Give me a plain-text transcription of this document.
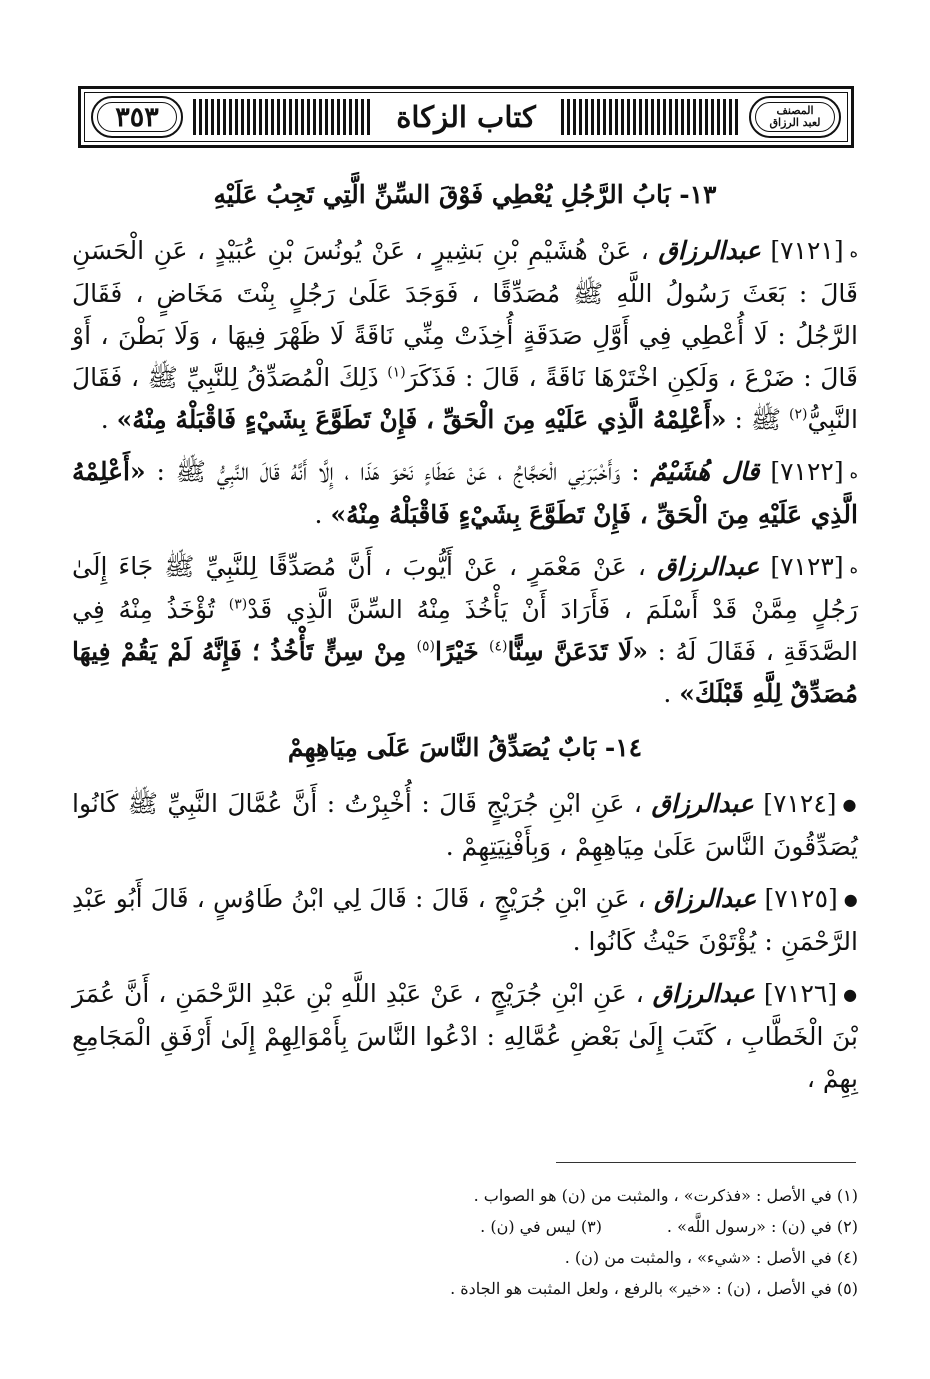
٣٥٣	كتاب الزكاة	المصنف
لعبد الرزاق
١٣- بَابُ الرَّجُلِ يُعْطِي فَوْقَ السِّنِّ الَّتِي تَجِبُ عَلَيْهِ

ه[٧١٢١] عبدالرزاق ، عَنْ هُشَيْمِ بْنِ بَشِيرٍ ، عَنْ يُونُسَ بْنِ عُبَيْدٍ ، عَنِ الْحَسَنِ قَالَ : بَعَثَ رَسُولُ اللَّهِ ﷺ مُصَدِّقًا ، فَوَجَدَ عَلَىٰ رَجُلٍ بِنْتَ مَخَاضٍ ، فَقَالَ الرَّجُلُ : لَا أُعْطِي فِي أَوَّلِ صَدَقَةٍ أُخِذَتْ مِنِّي نَاقَةً لَا ظَهْرَ فِيهَا ، وَلَا بَطْنَ ، أَوْ قَالَ : ضَرْعَ ، وَلَكِنِ اخْتَرْهَا نَاقَةً ، قَالَ : فَذَكَرَ$^{(١)}$ ذَلِكَ الْمُصَدِّقُ لِلنَّبِيِّ ﷺ ، فَقَالَ النَّبِيُّ$^{(٢)}$ ﷺ : «أَعْلِمْهُ الَّذِي عَلَيْهِ مِنَ الْحَقِّ ، فَإِنْ تَطَوَّعَ بِشَيْءٍ فَاقْبَلْهُ مِنْهُ» .

ه[٧١٢٢] قال هُشَيْمٌ : وَأَخْبَرَنِي الْحَجَّاجُ ، عَنْ عَطَاءٍ نَحْوَ هَذَا ، إِلَّا أَنَّهُ قَالَ النَّبِيُّ ﷺ : «أَعْلِمْهُ الَّذِي عَلَيْهِ مِنَ الْحَقِّ ، فَإِنْ تَطَوَّعَ بِشَيْءٍ فَاقْبَلْهُ مِنْهُ» .

ه[٧١٢٣] عبدالرزاق ، عَنْ مَعْمَرٍ ، عَنْ أَيُّوبَ ، أَنَّ مُصَدِّقًا لِلنَّبِيِّ ﷺ جَاءَ إِلَىٰ رَجُلٍ مِمَّنْ قَدْ أَسْلَمَ ، فَأَرَادَ أَنْ يَأْخُذَ مِنْهُ السِّنَّ الَّذِي قَدْ$^{(٣)}$ تُؤْخَذُ مِنْهُ فِي الصَّدَقَةِ ، فَقَالَ لَهُ : «لَا تَدَعَنَّ سِنًّا$^{(٤)}$ خَيْرًا$^{(٥)}$ مِنْ سِنٍّ تَأْخُذُ ؛ فَإِنَّهُ لَمْ يَقُمْ فِيهَا مُصَدِّقٌ لِلَّهِ قَبْلَكَ» .

١٤- بَابٌ يُصَدِّقُ النَّاسَ عَلَى مِيَاهِهِمْ

●[٧١٢٤] عبدالرزاق ، عَنِ ابْنِ جُرَيْجٍ قَالَ : أُخْبِرْتُ : أَنَّ عُمَّالَ النَّبِيِّ ﷺ كَانُوا يُصَدِّقُونَ النَّاسَ عَلَىٰ مِيَاهِهِمْ ، وَبِأَفْنِيَتِهِمْ .

●[٧١٢٥] عبدالرزاق ، عَنِ ابْنِ جُرَيْجٍ ، قَالَ : قَالَ لِي ابْنُ طَاوُسٍ ، قَالَ أَبُو عَبْدِ الرَّحْمَنِ : يُؤْتَوْنَ حَيْثُ كَانُوا .

●[٧١٢٦] عبدالرزاق ، عَنِ ابْنِ جُرَيْجٍ ، عَنْ عَبْدِ اللَّهِ بْنِ عَبْدِ الرَّحْمَنِ ، أَنَّ عُمَرَ بْنَ الْخَطَّابِ ، كَتَبَ إِلَىٰ بَعْضِ عُمَّالِهِ : ادْعُوا النَّاسَ بِأَمْوَالِهِمْ إِلَىٰ أَرْفَقِ الْمَجَامِعِ بِهِمْ ،

(١) في الأصل : «فذكرت» ، والمثبت من (ن) هو الصواب .

(٢) في (ن) : «رسول اللَّه» .

(٣) ليس في (ن) .

(٤) في الأصل : «شيء» ، والمثبت من (ن) .

(٥) في الأصل ، (ن) : «خير» بالرفع ، ولعل المثبت هو الجادة .
